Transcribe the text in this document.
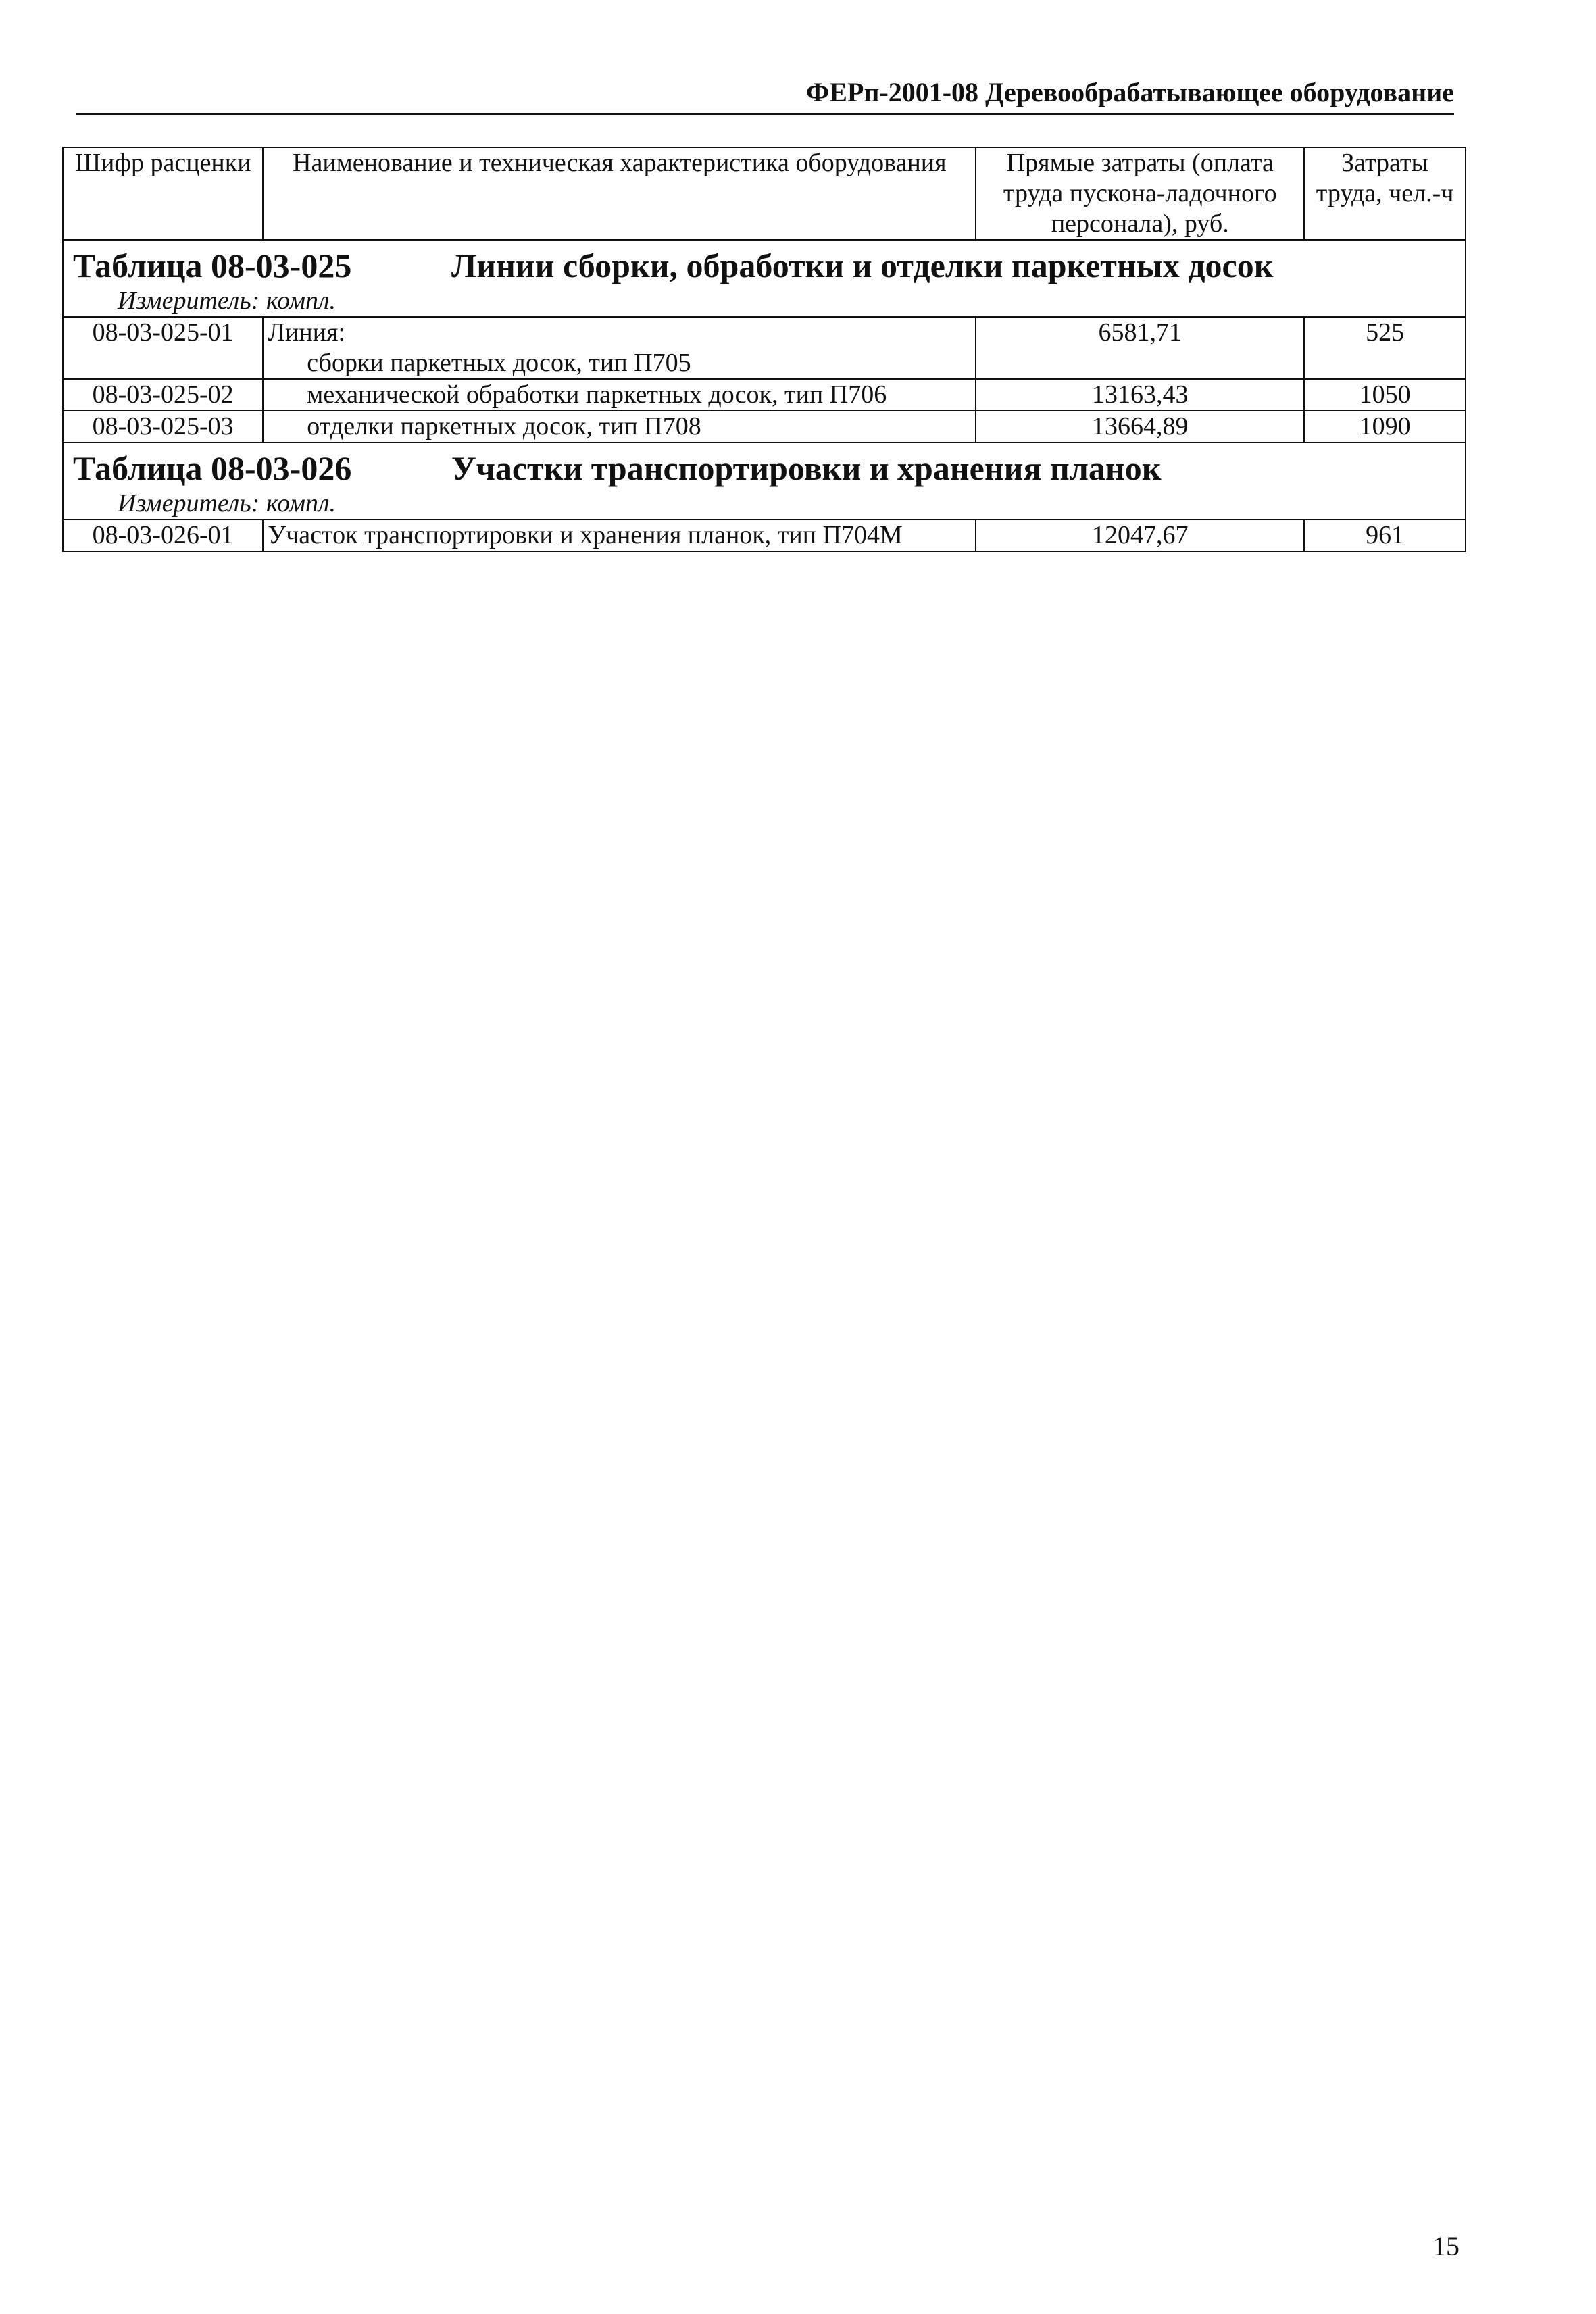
ФЕРп-2001-08 Деревообрабатывающее оборудование
Шифр расценки	Наименование и техническая характеристика оборудования	Прямые затраты (оплата труда пускона-ладочного персонала), руб.	Затраты труда, чел.-ч

Таблица 08-03-025 Линии сборки, обработки и отделки паркетных досок
Измеритель: компл.			

08-03-025-01	Линия:
сборки паркетных досок, тип П705	6581,71	525
08-03-025-02	механической обработки паркетных досок, тип П706	13163,43	1050
08-03-025-03	отделки паркетных досок, тип П708	13664,89	1090

Таблица 08-03-026 Участки транспортировки и хранения планок
Измеритель: компл.			

08-03-026-01	Участок транспортировки и хранения планок, тип П704М	12047,67	961
15
